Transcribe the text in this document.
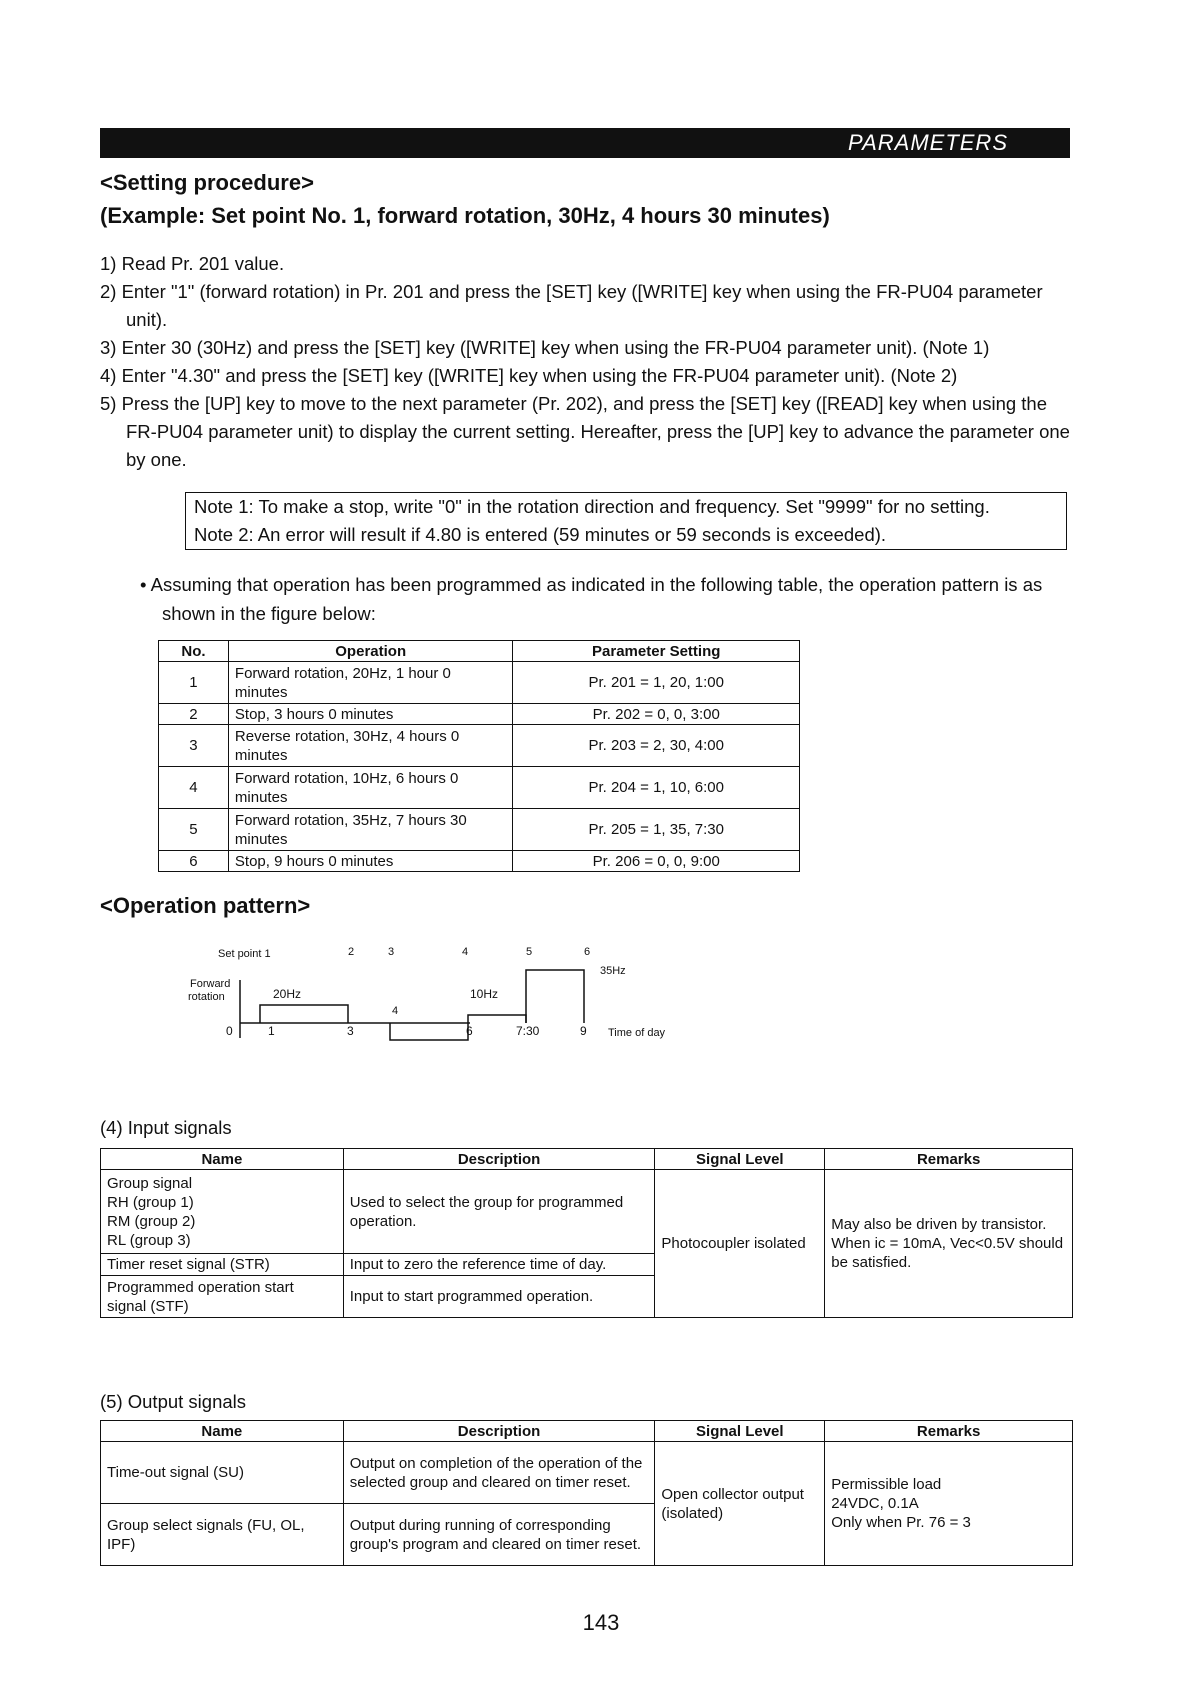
PARAMETERS
<Setting procedure>
(Example: Set point No. 1, forward rotation, 30Hz, 4 hours 30 minutes)

1) Read Pr. 201 value.

2) Enter "1" (forward rotation) in Pr. 201 and press the [SET] key ([WRITE] key when using the FR-PU04 parameter unit).

3) Enter 30 (30Hz) and press the [SET] key ([WRITE] key when using the FR-PU04 parameter unit). (Note 1)

4) Enter "4.30" and press the [SET] key ([WRITE] key when using the FR-PU04 parameter unit). (Note 2)

5) Press the [UP] key to move to the next parameter (Pr. 202), and press the [SET] key ([READ] key when using the FR-PU04 parameter unit) to display the current setting. Hereafter, press the [UP] key to advance the parameter one by one.

Note 1: To make a stop, write "0" in the rotation direction and frequency. Set "9999" for no setting.
Note 2: An error will result if 4.80 is entered (59 minutes or 59 seconds is exceeded).
• Assuming that operation has been programmed as indicated in the following table, the operation pattern is as shown in the figure below:
No.	Operation	Parameter Setting
1	Forward rotation, 20Hz, 1 hour 0 minutes	Pr. 201 = 1, 20, 1:00
2	Stop, 3 hours 0 minutes	Pr. 202 = 0, 0, 3:00
3	Reverse rotation, 30Hz, 4 hours 0 minutes	Pr. 203 = 2, 30, 4:00
4	Forward rotation, 10Hz, 6 hours 0 minutes	Pr. 204 = 1, 10, 6:00
5	Forward rotation, 35Hz, 7 hours 30 minutes	Pr. 205 = 1, 35, 7:30
6	Stop, 9 hours 0 minutes	Pr. 206 = 0, 0, 9:00
<Operation pattern>
Set point 1	2	3	4	5	6
Forward
rotation	20Hz	10Hz
35Hz
4
0	1	3	6	7:30	9 Time of day
(4) Input signals
Name	Description	Signal Level	Remarks

Group signal
RH (group 1)
RM (group 2)
RL (group 3)	Used to select the group for programmed operation.	Photocoupler isolated	May also be driven by transistor. When ic = 10mA, Vec<0.5V should be satisfied.
Timer reset signal (STR)	Input to zero the reference time of day.		
Programmed operation start signal (STF)	Input to start programmed operation.		
(5) Output signals
Name	Description	Signal Level	Remarks
Time-out signal (SU)	Output on completion of the operation of the selected group and cleared on timer reset.	Open collector output (isolated)	Permissible load
24VDC, 0.1A
Only when Pr. 76 = 3

Group select signals (FU, OL, IPF)	Output during running of corresponding group's program and cleared on timer reset.		
143
